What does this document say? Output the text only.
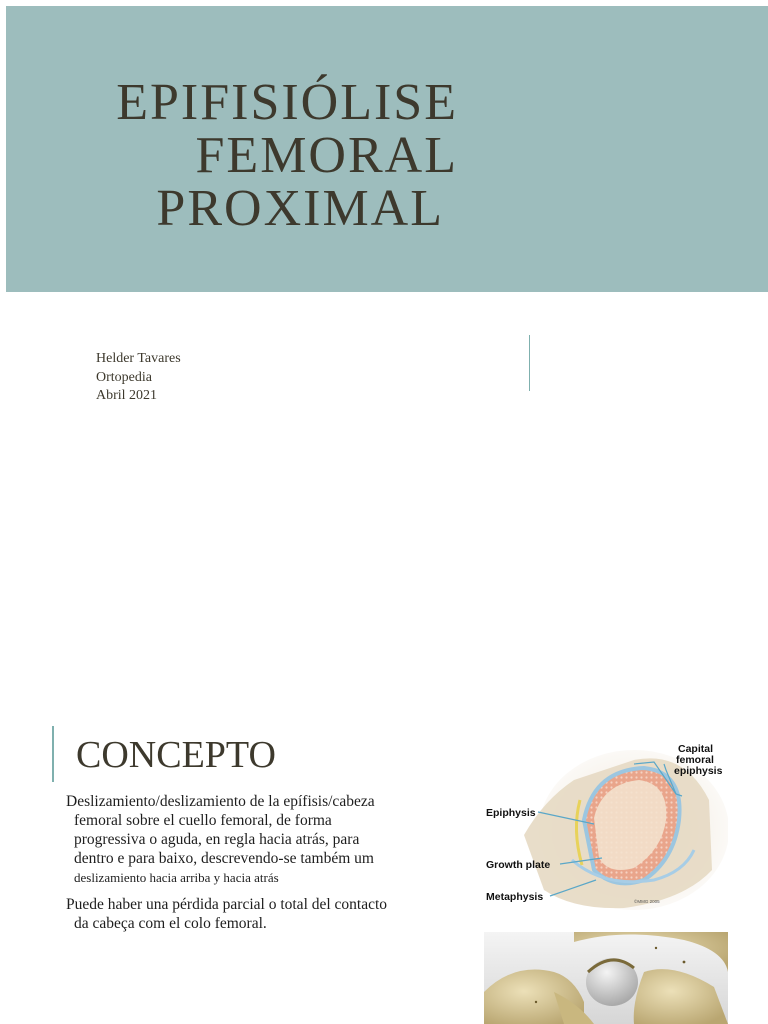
EPIFISIÓLISE
FEMORAL
PROXIMAL
Helder Tavares
Ortopedia
Abril 2021
CONCEPTO
Deslizamiento/deslizamiento de la epífisis/cabeza
femoral sobre el cuello femoral, de forma
progressiva o aguda, en regla hacia atrás, para
dentro e para baixo, descrevendo-se também um
deslizamiento hacia arriba y hacia atrás
Puede haber una pérdida parcial o total del contacto
da cabeça com el colo femoral.
Capital femoral epiphysis
Epiphysis
Growth plate
Metaphysis	©MMG 2005
